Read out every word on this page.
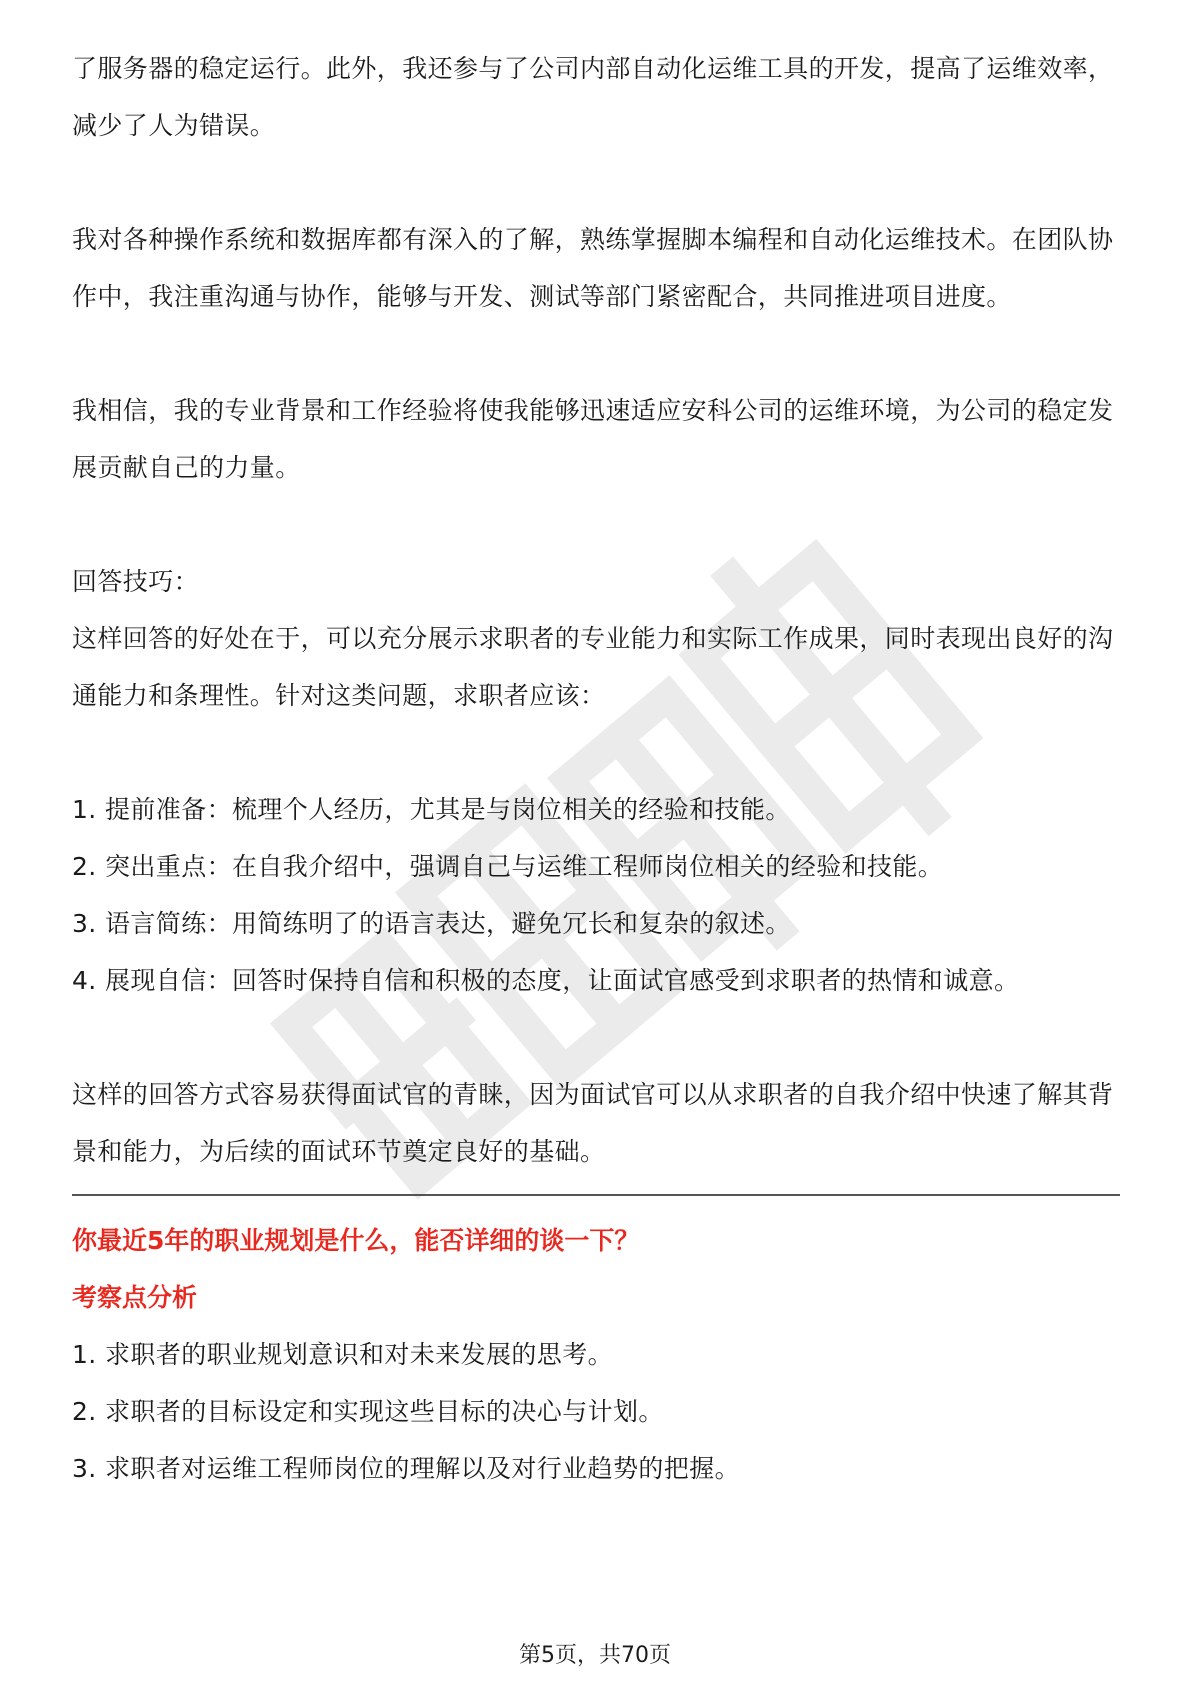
了服务器的稳定运行。此外，我还参与了公司内部自动化运维工具的开发，提高了运维效率，减少了人为错误。

我对各种操作系统和数据库都有深入的了解，熟练掌握脚本编程和自动化运维技术。在团队协作中，我注重沟通与协作，能够与开发、测试等部门紧密配合，共同推进项目进度。

我相信，我的专业背景和工作经验将使我能够迅速适应安科公司的运维环境，为公司的稳定发展贡献自己的力量。

回答技巧：

这样回答的好处在于，可以充分展示求职者的专业能力和实际工作成果，同时表现出良好的沟通能力和条理性。针对这类问题，求职者应该：

1. 提前准备：梳理个人经历，尤其是与岗位相关的经验和技能。

2. 突出重点：在自我介绍中，强调自己与运维工程师岗位相关的经验和技能。

3. 语言简练：用简练明了的语言表达，避免冗长和复杂的叙述。

4. 展现自信：回答时保持自信和积极的态度，让面试官感受到求职者的热情和诚意。

这样的回答方式容易获得面试官的青睐，因为面试官可以从求职者的自我介绍中快速了解其背景和能力，为后续的面试环节奠定良好的基础。

你最近5年的职业规划是什么，能否详细的谈一下？

考察点分析

1. 求职者的职业规划意识和对未来发展的思考。

2. 求职者的目标设定和实现这些目标的决心与计划。

3. 求职者对运维工程师岗位的理解以及对行业趋势的把握。

第5页，共70页
